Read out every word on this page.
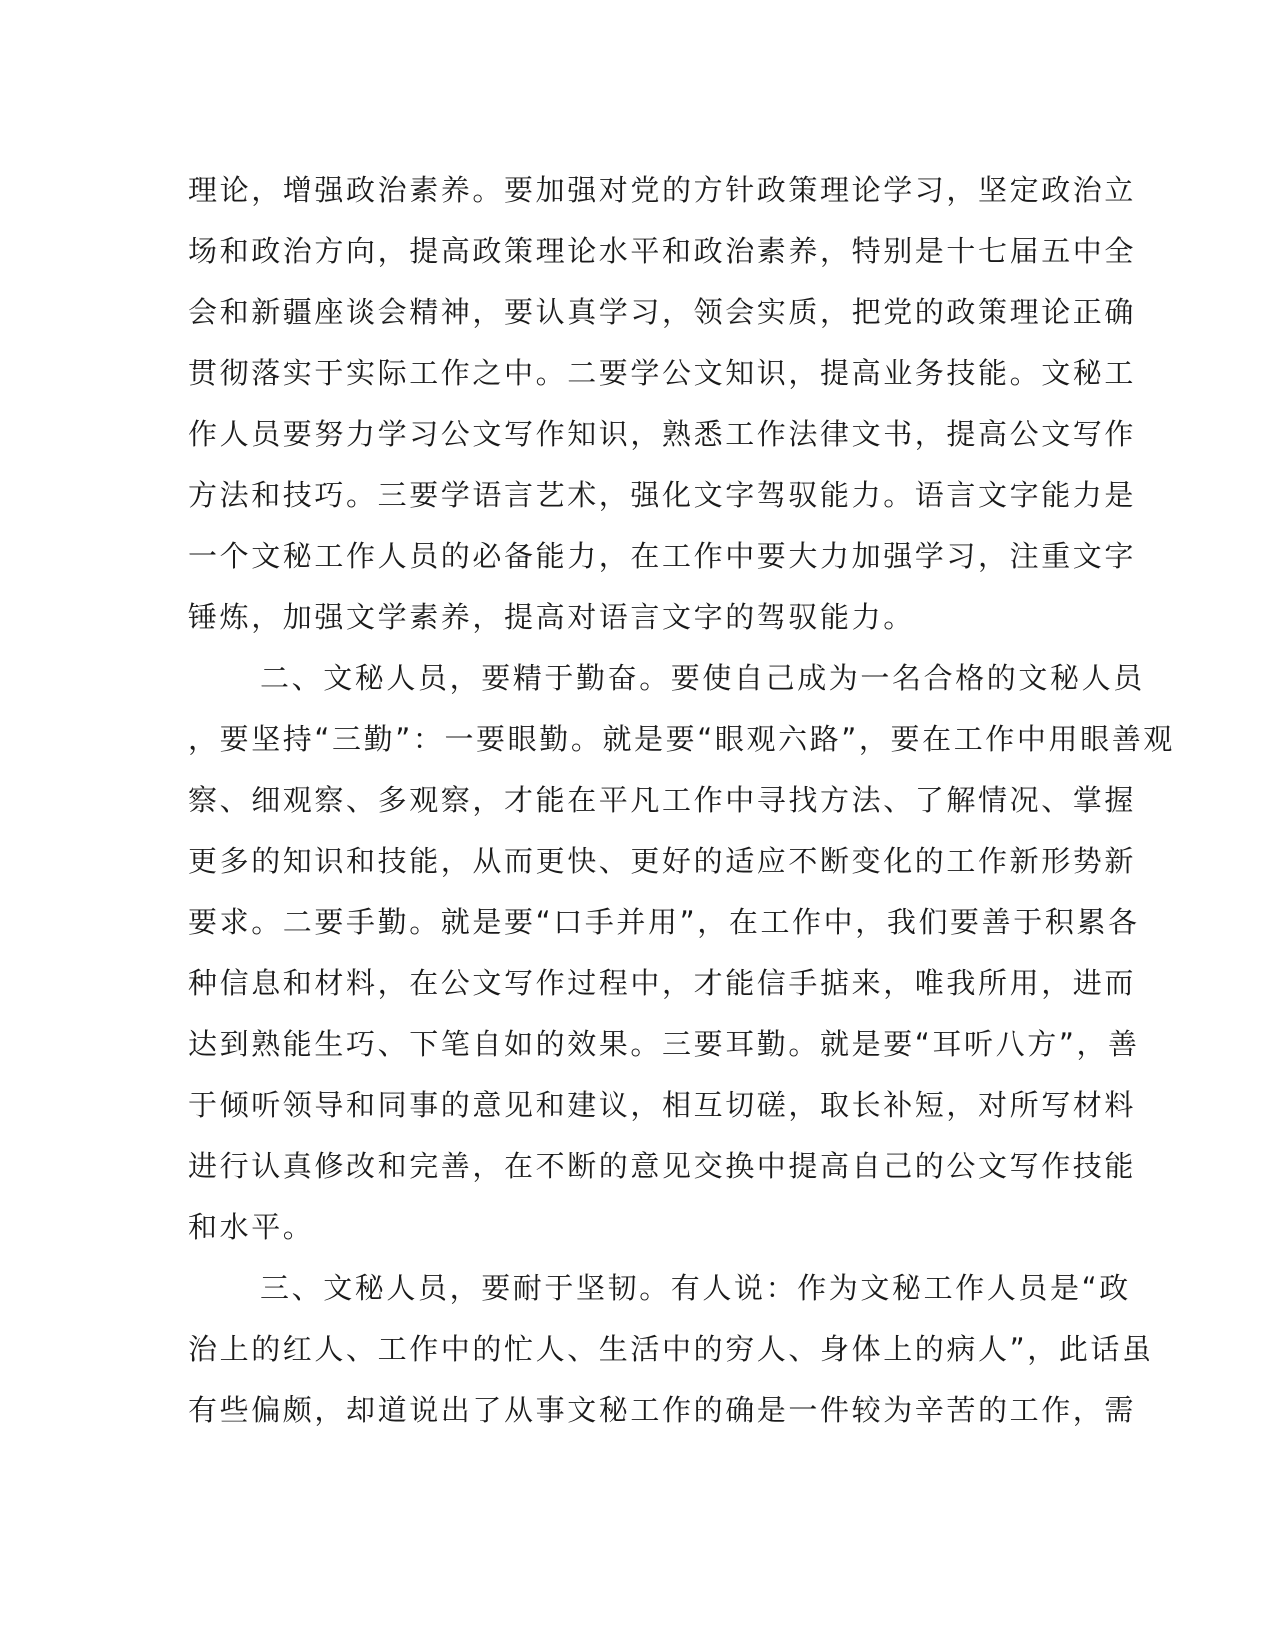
理论，增强政治素养。要加强对党的方针政策理论学习，坚定政治立
场和政治方向，提高政策理论水平和政治素养，特别是十七届五中全
会和新疆座谈会精神，要认真学习，领会实质，把党的政策理论正确
贯彻落实于实际工作之中。二要学公文知识，提高业务技能。文秘工
作人员要努力学习公文写作知识，熟悉工作法律文书，提高公文写作
方法和技巧。三要学语言艺术，强化文字驾驭能力。语言文字能力是
一个文秘工作人员的必备能力，在工作中要大力加强学习，注重文字
锤炼，加强文学素养，提高对语言文字的驾驭能力。
二、文秘人员，要精于勤奋。要使自己成为一名合格的文秘人员
，要坚持“三勤”：一要眼勤。就是要“眼观六路”，要在工作中用眼善观
察、细观察、多观察，才能在平凡工作中寻找方法、了解情况、掌握
更多的知识和技能，从而更快、更好的适应不断变化的工作新形势新
要求。二要手勤。就是要“口手并用”，在工作中，我们要善于积累各
种信息和材料，在公文写作过程中，才能信手掂来，唯我所用，进而
达到熟能生巧、下笔自如的效果。三要耳勤。就是要“耳听八方”，善
于倾听领导和同事的意见和建议，相互切磋，取长补短，对所写材料
进行认真修改和完善，在不断的意见交换中提高自己的公文写作技能
和水平。
三、文秘人员，要耐于坚韧。有人说：作为文秘工作人员是“政
治上的红人、工作中的忙人、生活中的穷人、身体上的病人”，此话虽
有些偏颇，却道说出了从事文秘工作的确是一件较为辛苦的工作，需
